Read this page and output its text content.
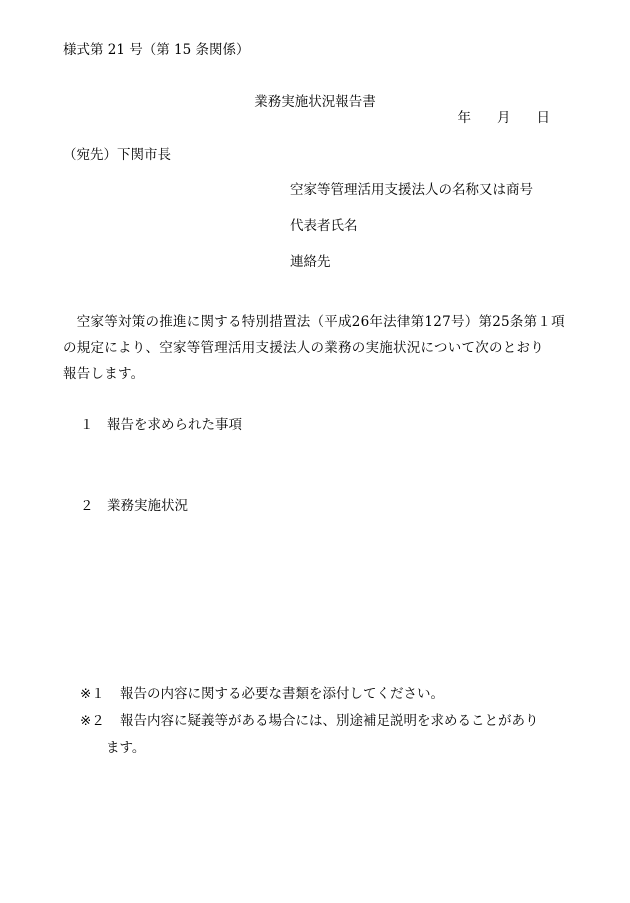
様式第 21 号（第 15 条関係）
業務実施状況報告書
年 月 日
（宛先）下関市長
空家等管理活用支援法人の名称又は商号
代表者氏名
連絡先
　空家等対策の推進に関する特別措置法（平成26年法律第127号）第25条第１項
の規定により、空家等管理活用支援法人の業務の実施状況について次のとおり
報告します。
１ 報告を求められた事項
２ 業務実施状況
※１ 報告の内容に関する必要な書類を添付してください。
※２ 報告内容に疑義等がある場合には、別途補足説明を求めることがあり
ます。
